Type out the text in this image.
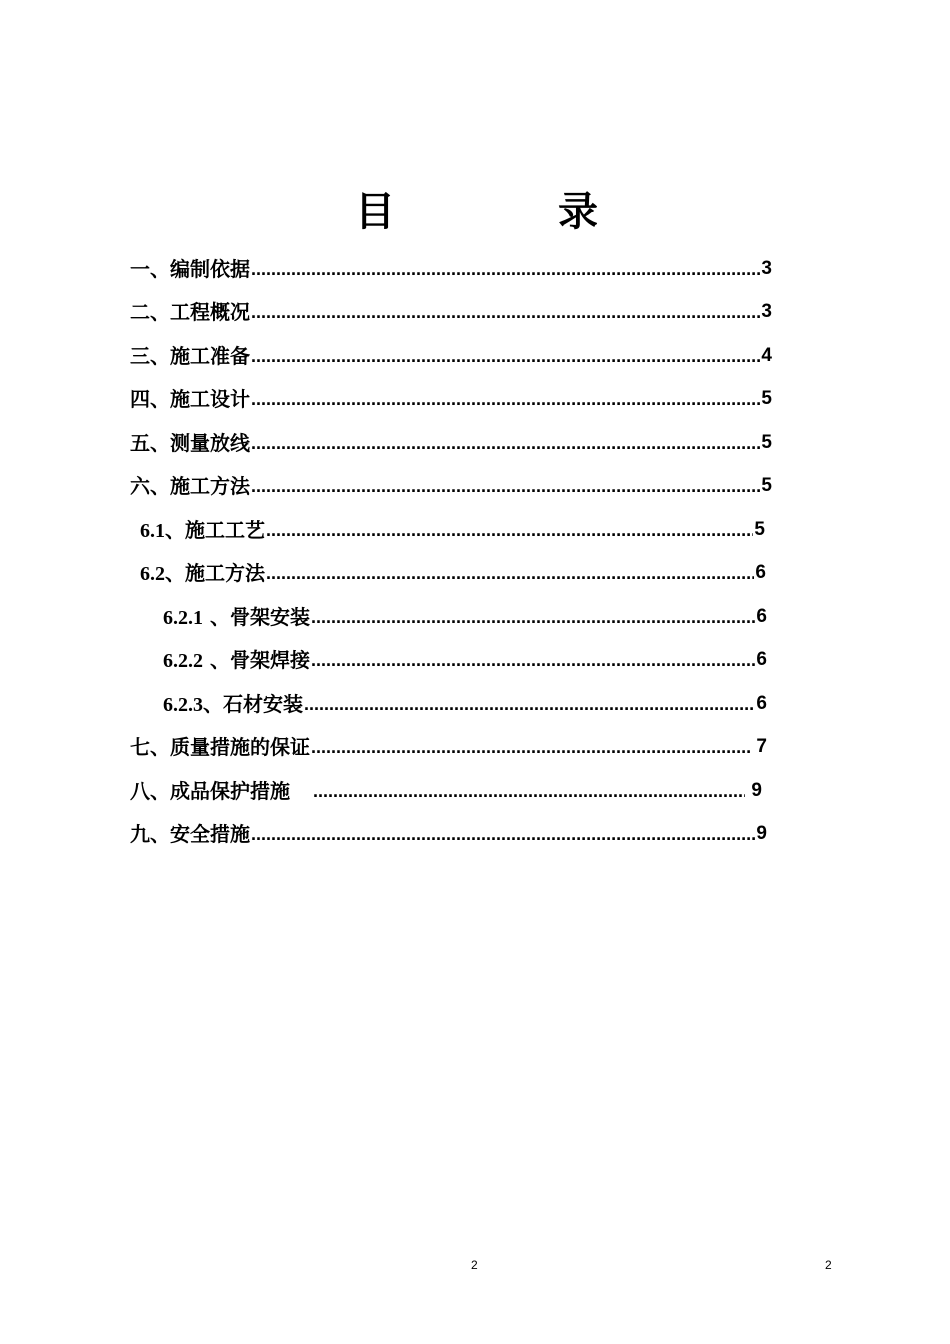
目	录
一、编制依据 .....	3
二、工程概况 .....	3
三、施工准备 .....	4
四、施工设计 .....	5
五、测量放线 .....	5
六、施工方法 .....	5
6.1、施工工艺 .....	5
6.2、施工方法 .....	6
6.2.1 、骨架安装 .....	6
6.2.2 、骨架焊接 .....	6
6.2.3、石材安装 .....	6
七、质量措施的保证 .....	7
八、成品保护措施 .....	9
九、安全措施 .....	9
2	2
